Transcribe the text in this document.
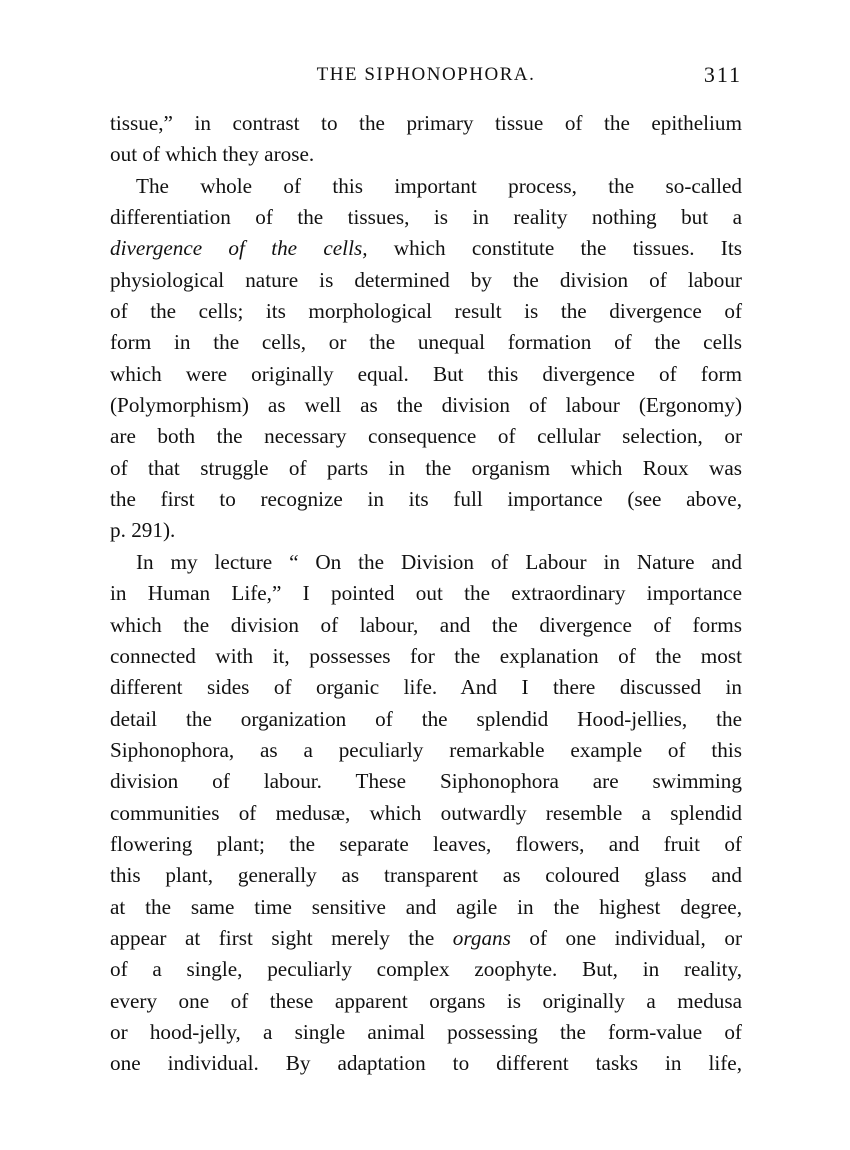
THE SIPHONOPHORA.	311
tissue,” in contrast to the primary tissue of the epithelium
out of which they arose.
The whole of this important process, the so-called
differentiation of the tissues, is in reality nothing but a
divergence of the cells, which constitute the tissues. Its
physiological nature is determined by the division of labour
of the cells; its morphological result is the divergence of
form in the cells, or the unequal formation of the cells
which were originally equal. But this divergence of form
(Polymorphism) as well as the division of labour (Ergonomy)
are both the necessary consequence of cellular selection, or
of that struggle of parts in the organism which Roux was
the first to recognize in its full importance (see above,
p. 291).
In my lecture “ On the Division of Labour in Nature and
in Human Life,” I pointed out the extraordinary importance
which the division of labour, and the divergence of forms
connected with it, possesses for the explanation of the most
different sides of organic life. And I there discussed in
detail the organization of the splendid Hood-jellies, the
Siphonophora, as a peculiarly remarkable example of this
division of labour. These Siphonophora are swimming
communities of medusæ, which outwardly resemble a splendid
flowering plant; the separate leaves, flowers, and fruit of
this plant, generally as transparent as coloured glass and
at the same time sensitive and agile in the highest degree,
appear at first sight merely the organs of one individual, or
of a single, peculiarly complex zoophyte. But, in reality,
every one of these apparent organs is originally a medusa
or hood-jelly, a single animal possessing the form-value of
one individual. By adaptation to different tasks in life,
